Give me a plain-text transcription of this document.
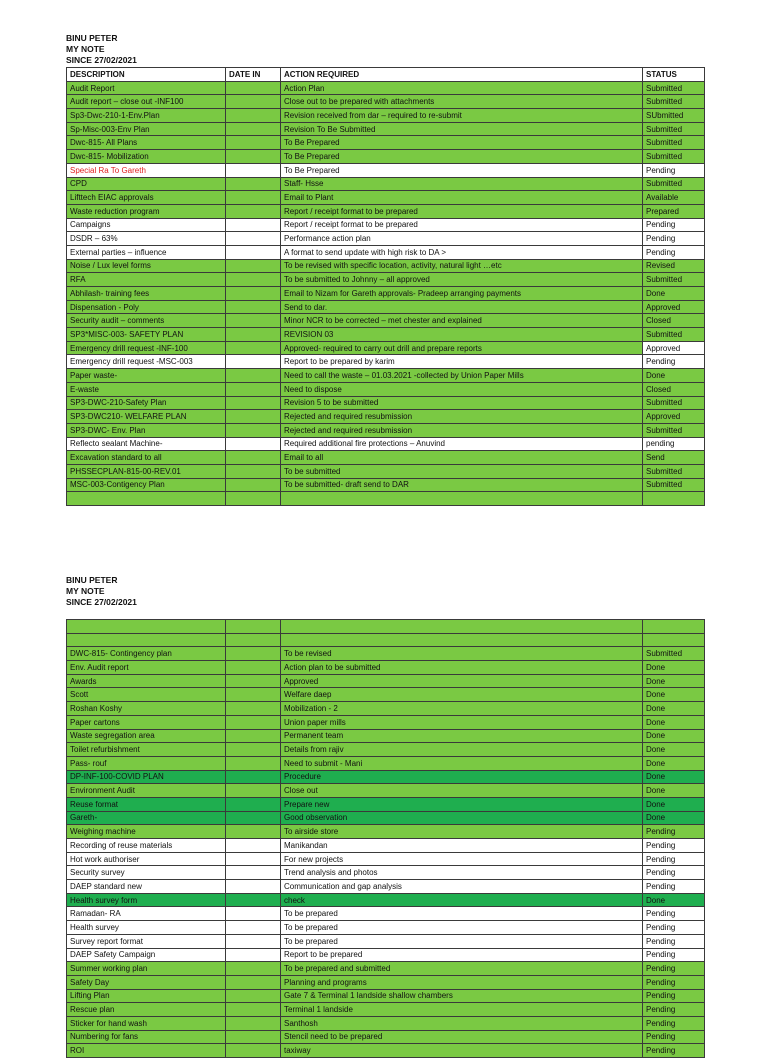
BINU PETER
MY NOTE
SINCE 27/02/2021
DESCRIPTION	DATE IN	ACTION REQUIRED	STATUS
Audit Report		Action Plan	Submitted
Audit report – close out -INF100		Close out to be prepared with attachments	Submitted
Sp3-Dwc-210-1-Env.Plan		Revision received from dar – required to re-submit	SUbmitted
Sp-Misc-003-Env Plan		Revision To Be Submitted	Submitted
Dwc-815- All Plans		To Be Prepared	Submitted
Dwc-815- Mobilization		To Be Prepared	Submitted
Special Ra To Gareth		To Be Prepared	Pending
CPD		Staff- Hsse	Submitted
Lifttech EIAC approvals		Email to Plant	Available
Waste reduction program		Report / receipt format to be prepared	Prepared
Campaigns		Report / receipt format to be prepared	Pending
DSDR – 63%		Performance action plan	Pending
External parties – influence		A format to send update with high risk to DA >	Pending
Noise / Lux level forms		To be revised with specific location, activity, natural light …etc	Revised
RFA		To be submitted to Johnny – all approved	Submitted
Abhilash- training fees		Email to Nizam for Gareth approvals- Pradeep arranging payments	Done
Dispensation - Poly		Send to dar.	Approved
Security audit – comments		Minor NCR to be corrected – met chester and explained	Closed
SP3*MISC-003- SAFETY PLAN		REVISION 03	Submitted
Emergency drill request -INF-100		Approved- required to carry out drill and prepare reports	Approved
Emergency drill request -MSC-003		Report to be prepared by karim	Pending
Paper waste-		Need to call the waste – 01.03.2021 -collected by Union Paper Mills	Done
E-waste		Need to dispose	Closed
SP3-DWC-210-Safety Plan		Revision 5 to be submitted	Submitted
SP3-DWC210- WELFARE PLAN		Rejected and required resubmission	Approved
SP3-DWC- Env. Plan		Rejected and required resubmission	Submitted
Reflecto sealant Machine-		Required additional fire protections – Anuvind	pending
Excavation standard to all		Email to all	Send
PHSSECPLAN-815-00-REV.01		To be submitted	Submitted
MSC-003-Contigency Plan		To be submitted- draft send to DAR	Submitted

BINU PETER
MY NOTE
SINCE 27/02/2021

DWC-815- Contingency plan		To be revised	Submitted
Env. Audit report		Action plan to be submitted	Done
Awards		Approved	Done
Scott		Welfare daep	Done
Roshan Koshy		Mobilization - 2	Done
Paper cartons		Union paper mills	Done
Waste segregation area		Permanent team	Done
Toilet refurbishment		Details from rajiv	Done
Pass- rouf		Need to submit - Mani	Done
DP-INF-100-COVID PLAN		Procedure	Done
Environment Audit		Close out	Done
Reuse format		Prepare new	Done
Gareth-		Good observation	Done
Weighing machine		To airside store	Pending
Recording of reuse materials		Manikandan	Pending
Hot work authoriser		For new projects	Pending
Security survey		Trend analysis and photos	Pending
DAEP standard new		Communication and gap analysis	Pending
Health survey form		check	Done
Ramadan- RA		To be prepared	Pending
Health survey		To be prepared	Pending
Survey report format		To be prepared	Pending
DAEP Safety Campaign		Report to be prepared	Pending
Summer working plan		To be prepared and submitted	Pending
Safety Day		Planning and programs	Pending
Lifting Plan		Gate 7 & Terminal 1 landside shallow chambers	Pending
Rescue plan		Terminal 1 landside	Pending
Sticker for hand wash		Santhosh	Pending
Numbering for fans		Stencil need to be prepared	Pending
ROI		taxiway	Pending
